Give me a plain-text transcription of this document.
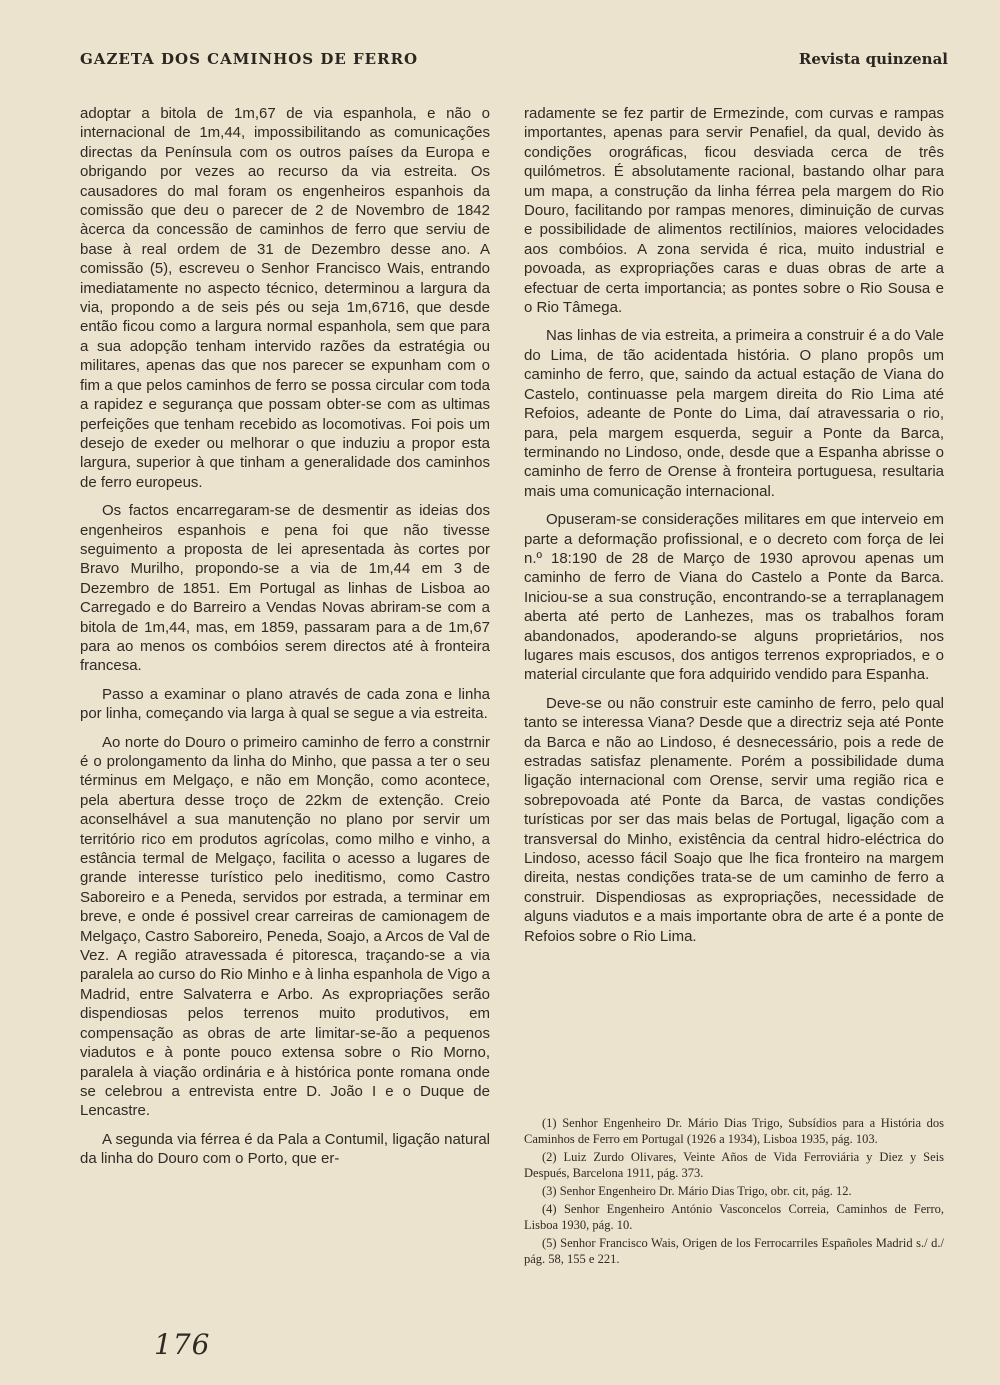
GAZETA DOS CAMINHOS DE FERRO	Revista quinzenal

adoptar a bitola de 1m,67 de via espanhola, e não o internacional de 1m,44, impossibilitando as comunicações directas da Península com os outros países da Europa e obrigando por vezes ao recurso da via estreita. Os causadores do mal foram os engenheiros espanhois da comissão que deu o parecer de 2 de Novembro de 1842 àcerca da concessão de caminhos de ferro que serviu de base à real ordem de 31 de Dezembro desse ano. A comissão (5), escreveu o Senhor Francisco Wais, entrando imediatamente no aspecto técnico, determinou a largura da via, propondo a de seis pés ou seja 1m,6716, que desde então ficou como a largura normal espanhola, sem que para a sua adopção tenham intervido razões da estratégia ou militares, apenas das que nos parecer se expunham com o fim a que pelos caminhos de ferro se possa circular com toda a rapidez e segurança que possam obter-se com as ultimas perfeições que tenham recebido as locomotivas. Foi pois um desejo de exeder ou melhorar o que induziu a propor esta largura, superior à que tinham a generalidade dos caminhos de ferro europeus.

Os factos encarregaram-se de desmentir as ideias dos engenheiros espanhois e pena foi que não tivesse seguimento a proposta de lei apresentada às cortes por Bravo Murilho, propondo-se a via de 1m,44 em 3 de Dezembro de 1851. Em Portugal as linhas de Lisboa ao Carregado e do Barreiro a Vendas Novas abriram-se com a bitola de 1m,44, mas, em 1859, passaram para a de 1m,67 para ao menos os combóios serem directos até à fronteira francesa.

Passo a examinar o plano através de cada zona e linha por linha, começando via larga à qual se segue a via estreita.

Ao norte do Douro o primeiro caminho de ferro a constrnir é o prolongamento da linha do Minho, que passa a ter o seu términus em Melgaço, e não em Monção, como acontece, pela abertura desse troço de 22km de extenção. Creio aconselhável a sua manutenção no plano por servir um território rico em produtos agrícolas, como milho e vinho, a estância termal de Melgaço, facilita o acesso a lugares de grande interesse turístico pelo ineditismo, como Castro Saboreiro e a Peneda, servidos por estrada, a terminar em breve, e onde é possivel crear carreiras de camionagem de Melgaço, Castro Saboreiro, Peneda, Soajo, a Arcos de Val de Vez. A região atravessada é pitoresca, traçando-se a via paralela ao curso do Rio Minho e à linha espanhola de Vigo a Madrid, entre Salvaterra e Arbo. As expropriações serão dispendiosas pelos terrenos muito produtivos, em compensação as obras de arte limitar-se-ão a pequenos viadutos e à ponte pouco extensa sobre o Rio Morno, paralela à viação ordinária e à histórica ponte romana onde se celebrou a entrevista entre D. João I e o Duque de Lencastre.

A segunda via férrea é da Pala a Contumil, ligação natural da linha do Douro com o Porto, que er-

radamente se fez partir de Ermezinde, com curvas e rampas importantes, apenas para servir Penafiel, da qual, devido às condições orográficas, ficou desviada cerca de três quilómetros. É absolutamente racional, bastando olhar para um mapa, a construção da linha férrea pela margem do Rio Douro, facilitando por rampas menores, diminuição de curvas e possibilidade de alimentos rectilínios, maiores velocidades aos combóios. A zona servida é rica, muito industrial e povoada, as expropriações caras e duas obras de arte a efectuar de certa importancia; as pontes sobre o Rio Sousa e o Rio Tâmega.

Nas linhas de via estreita, a primeira a construir é a do Vale do Lima, de tão acidentada história. O plano propôs um caminho de ferro, que, saindo da actual estação de Viana do Castelo, continuasse pela margem direita do Rio Lima até Refoios, adeante de Ponte do Lima, daí atravessaria o rio, para, pela margem esquerda, seguir a Ponte da Barca, terminando no Lindoso, onde, desde que a Espanha abrisse o caminho de ferro de Orense à fronteira portuguesa, resultaria mais uma comunicação internacional.

Opuseram-se considerações militares em que interveio em parte a deformação profissional, e o decreto com força de lei n.º 18:190 de 28 de Março de 1930 aprovou apenas um caminho de ferro de Viana do Castelo a Ponte da Barca. Iniciou-se a sua construção, encontrando-se a terraplanagem aberta até perto de Lanhezes, mas os trabalhos foram abandonados, apoderando-se alguns proprietários, nos lugares mais escusos, dos antigos terrenos expropriados, e o material circulante que fora adquirido vendido para Espanha.

Deve-se ou não construir este caminho de ferro, pelo qual tanto se interessa Viana? Desde que a directriz seja até Ponte da Barca e não ao Lindoso, é desnecessário, pois a rede de estradas satisfaz plenamente. Porém a possibilidade duma ligação internacional com Orense, servir uma região rica e sobrepovoada até Ponte da Barca, de vastas condições turísticas por ser das mais belas de Portugal, ligação com a transversal do Minho, existência da central hidro-eléctrica do Lindoso, acesso fácil Soajo que lhe fica fronteiro na margem direita, nestas condições trata-se de um caminho de ferro a construir. Dispendiosas as expropriações, necessidade de alguns viadutos e a mais importante obra de arte é a ponte de Refoios sobre o Rio Lima.

(1) Senhor Engenheiro Dr. Mário Dias Trigo, Subsídios para a História dos Caminhos de Ferro em Portugal (1926 a 1934), Lisboa 1935, pág. 103.

(2) Luiz Zurdo Olivares, Veinte Años de Vida Ferroviária y Diez y Seis Después, Barcelona 1911, pág. 373.

(3) Senhor Engenheiro Dr. Mário Dias Trigo, obr. cit, pág. 12.

(4) Senhor Engenheiro António Vasconcelos Correia, Caminhos de Ferro, Lisboa 1930, pág. 10.

(5) Senhor Francisco Wais, Origen de los Ferrocarriles Españoles Madrid s./ d./ pág. 58, 155 e 221.

176
